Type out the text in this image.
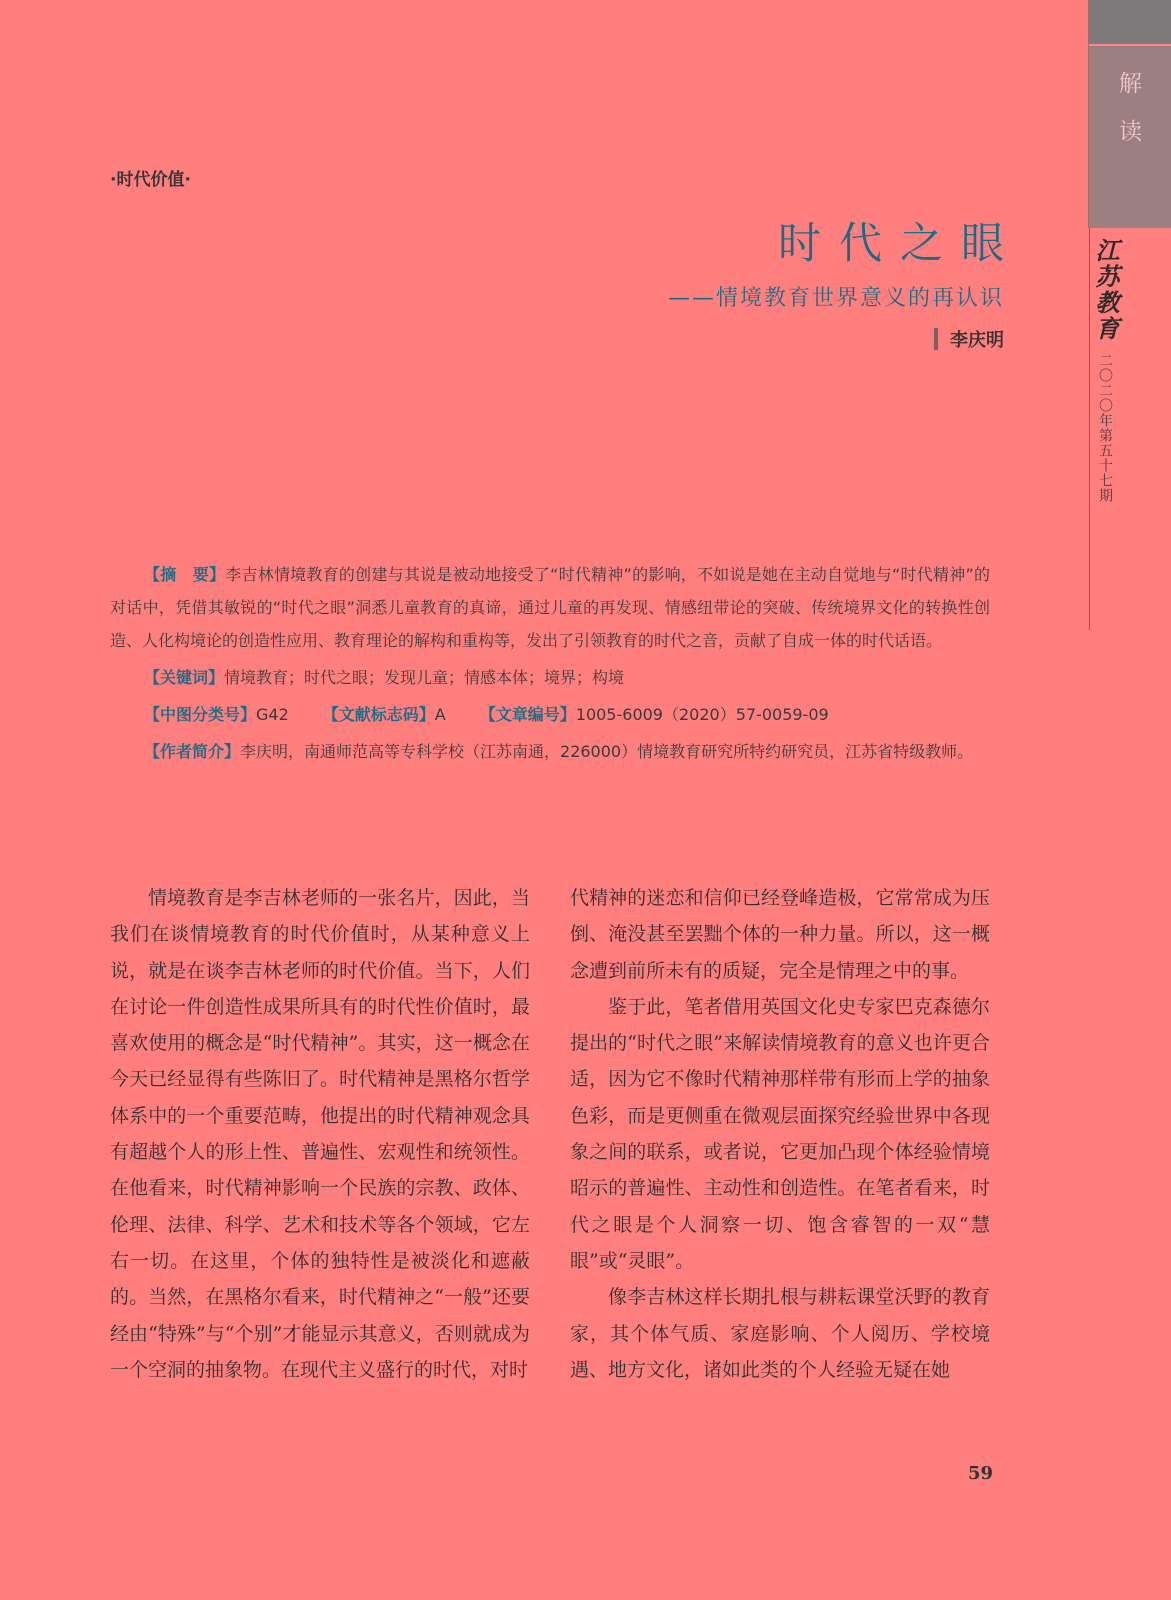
解
读
江苏教育 二〇二〇年第五十七期
·时代价值·
时代之眼
——情境教育世界意义的再认识
李庆明

【摘　要】李吉林情境教育的创建与其说是被动地接受了“时代精神”的影响，不如说是她在主动自觉地与“时代精神”的对话中，凭借其敏锐的“时代之眼”洞悉儿童教育的真谛，通过儿童的再发现、情感纽带论的突破、传统境界文化的转换性创造、人化构境论的创造性应用、教育理论的解构和重构等，发出了引领教育的时代之音，贡献了自成一体的时代话语。

【关键词】情境教育；时代之眼；发现儿童；情感本体；境界；构境

【中图分类号】G42 【文献标志码】A 【文章编号】1005-6009（2020）57-0059-09

【作者简介】李庆明，南通师范高等专科学校（江苏南通，226000）情境教育研究所特约研究员，江苏省特级教师。

情境教育是李吉林老师的一张名片，因此，当我们在谈情境教育的时代价值时，从某种意义上说，就是在谈李吉林老师的时代价值。当下，人们在讨论一件创造性成果所具有的时代性价值时，最喜欢使用的概念是“时代精神”。其实，这一概念在今天已经显得有些陈旧了。时代精神是黑格尔哲学体系中的一个重要范畴，他提出的时代精神观念具有超越个人的形上性、普遍性、宏观性和统领性。在他看来，时代精神影响一个民族的宗教、政体、伦理、法律、科学、艺术和技术等各个领域，它左右一切。在这里，个体的独特性是被淡化和遮蔽的。当然，在黑格尔看来，时代精神之“一般”还要经由“特殊”与“个别”才能显示其意义，否则就成为一个空洞的抽象物。在现代主义盛行的时代，对时

代精神的迷恋和信仰已经登峰造极，它常常成为压倒、淹没甚至罢黜个体的一种力量。所以，这一概念遭到前所未有的质疑，完全是情理之中的事。

鉴于此，笔者借用英国文化史专家巴克森德尔提出的“时代之眼”来解读情境教育的意义也许更合适，因为它不像时代精神那样带有形而上学的抽象色彩，而是更侧重在微观层面探究经验世界中各现象之间的联系，或者说，它更加凸现个体经验情境昭示的普遍性、主动性和创造性。在笔者看来，时代之眼是个人洞察一切、饱含睿智的一双“慧眼”或“灵眼”。

像李吉林这样长期扎根与耕耘课堂沃野的教育家，其个体气质、家庭影响、个人阅历、学校境遇、地方文化，诸如此类的个人经验无疑在她

59
